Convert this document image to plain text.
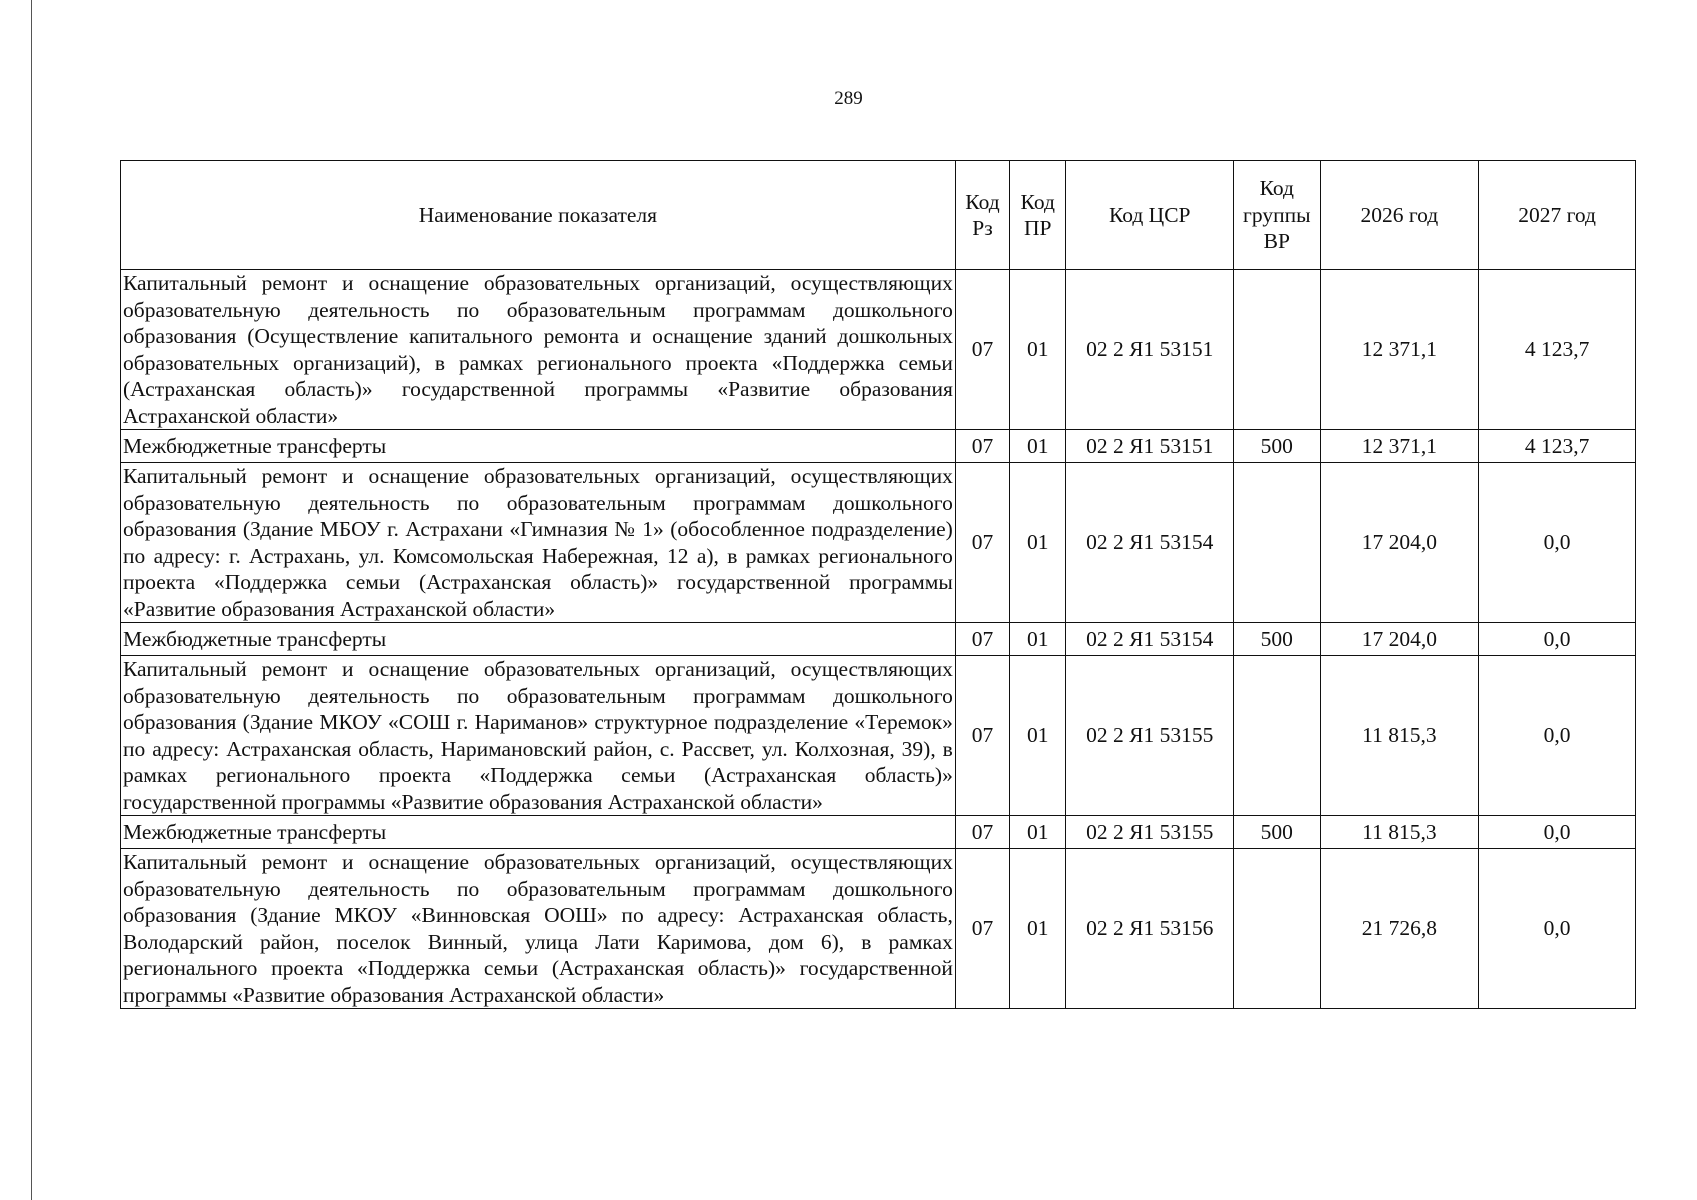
289
Наименование показателя	Код Рз	Код ПР	Код ЦСР	Код группы ВР	2026 год	2027 год
Капитальный ремонт и оснащение образовательных организаций, осуществляющих образовательную деятельность по образовательным программам дошкольного образования (Осуществление капитального ремонта и оснащение зданий дошкольных образовательных организаций), в рамках регионального проекта «Поддержка семьи (Астраханская область)» государственной программы «Развитие образования Астраханской области»	07	01	02 2 Я1 53151		12 371,1	4 123,7
Межбюджетные трансферты	07	01	02 2 Я1 53151	500	12 371,1	4 123,7
Капитальный ремонт и оснащение образовательных организаций, осуществляющих образовательную деятельность по образовательным программам дошкольного образования (Здание МБОУ г. Астрахани «Гимназия № 1» (обособленное подразделение) по адресу: г. Астрахань, ул. Комсомольская Набережная, 12 а), в рамках регионального проекта «Поддержка семьи (Астраханская область)» государственной программы «Развитие образования Астраханской области»	07	01	02 2 Я1 53154		17 204,0	0,0
Межбюджетные трансферты	07	01	02 2 Я1 53154	500	17 204,0	0,0
Капитальный ремонт и оснащение образовательных организаций, осуществляющих образовательную деятельность по образовательным программам дошкольного образования (Здание МКОУ «СОШ г. Нариманов» структурное подразделение «Теремок» по адресу: Астраханская область, Наримановский район, с. Рассвет, ул. Колхозная, 39), в рамках регионального проекта «Поддержка семьи (Астраханская область)» государственной программы «Развитие образования Астраханской области»	07	01	02 2 Я1 53155		11 815,3	0,0
Межбюджетные трансферты	07	01	02 2 Я1 53155	500	11 815,3	0,0
Капитальный ремонт и оснащение образовательных организаций, осуществляющих образовательную деятельность по образовательным программам дошкольного образования (Здание МКОУ «Винновская ООШ» по адресу: Астраханская область, Володарский район, поселок Винный, улица Лати Каримова, дом 6), в рамках регионального проекта «Поддержка семьи (Астраханская область)» государственной программы «Развитие образования Астраханской области»	07	01	02 2 Я1 53156		21 726,8	0,0
